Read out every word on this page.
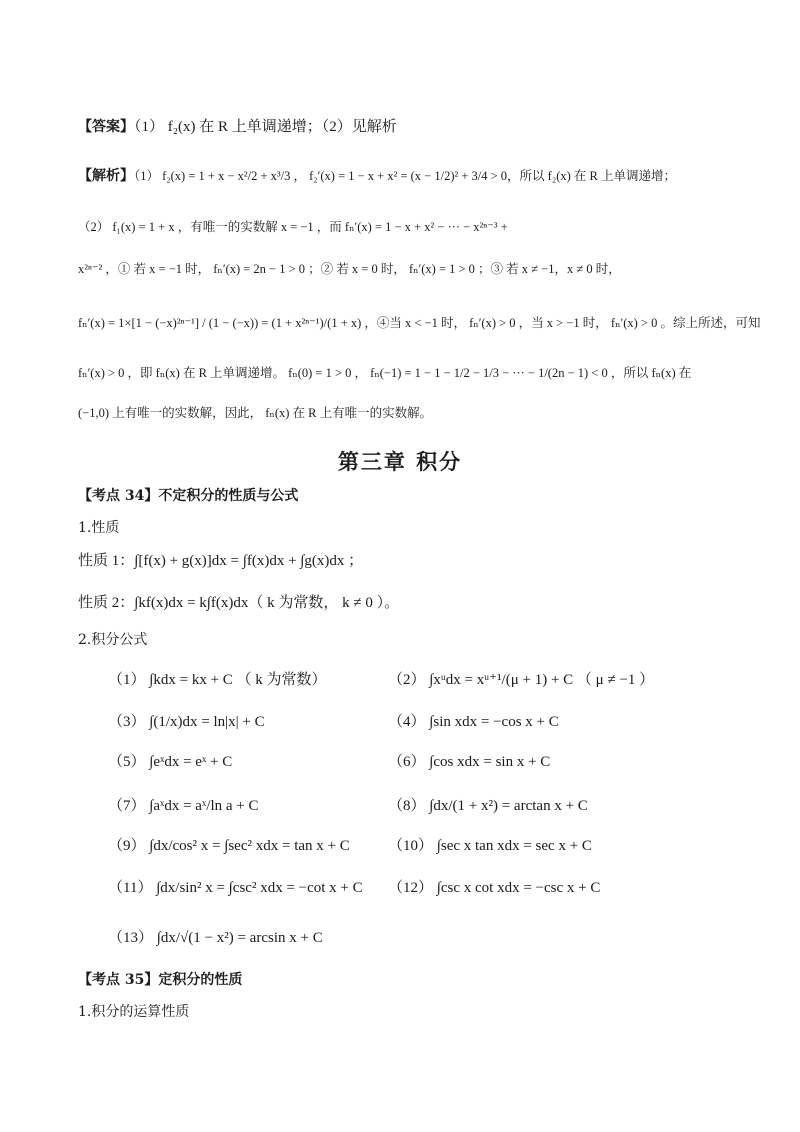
【答案】（1） f₂(x) 在 R 上单调递增；（2）见解析
【解析】（1） f₂(x) = 1 + x − x²/2 + x³/3 ， f₂′(x) = 1 − x + x² = (x − 1/2)² + 3/4 > 0，所以 f₂(x) 在 R 上单调递增；
（2） f₁(x) = 1 + x ，有唯一的实数解 x = −1 ，而 fₙ′(x) = 1 − x + x² − ··· − x²ⁿ⁻³ +
x²ⁿ⁻² ，① 若 x = −1 时， fₙ′(x) = 2n − 1 > 0 ；② 若 x = 0 时， fₙ′(x) = 1 > 0 ；③ 若 x ≠ −1，x ≠ 0 时，
fₙ′(x) = 1×[1 − (−x)²ⁿ⁻¹] / (1 − (−x)) = (1 + x²ⁿ⁻¹)/(1 + x) ，④当 x < −1 时， fₙ′(x) > 0 ，当 x > −1 时， fₙ′(x) > 0 。综上所述，可知
fₙ′(x) > 0 ，即 fₙ(x) 在 R 上单调递增。 fₙ(0) = 1 > 0 ， fₙ(−1) = 1 − 1 − 1/2 − 1/3 − ··· − 1/(2n − 1) < 0 ，所以 fₙ(x) 在
(−1,0) 上有唯一的实数解，因此， fₙ(x) 在 R 上有唯一的实数解。
第三章 积分
【考点 34】不定积分的性质与公式
1.性质
性质 1：∫[f(x) + g(x)]dx = ∫f(x)dx + ∫g(x)dx ；
性质 2：∫kf(x)dx = k∫f(x)dx（ k 为常数， k ≠ 0 ）。
2.积分公式
（1） ∫kdx = kx + C （ k 为常数）	（2） ∫xᵘdx = xᵘ⁺¹/(μ + 1) + C （ μ ≠ −1 ）
（3） ∫(1/x)dx = ln|x| + C	（4） ∫sin xdx = −cos x + C
（5） ∫eˣdx = eˣ + C	（6） ∫cos xdx = sin x + C
（7） ∫aˣdx = aˣ/ln a + C	（8） ∫dx/(1 + x²) = arctan x + C
（9） ∫dx/cos² x = ∫sec² xdx = tan x + C	（10） ∫sec x tan xdx = sec x + C
（11） ∫dx/sin² x = ∫csc² xdx = −cot x + C （12） ∫csc x cot xdx = −csc x + C
（13） ∫dx/√(1 − x²) = arcsin x + C
【考点 35】定积分的性质
1.积分的运算性质
